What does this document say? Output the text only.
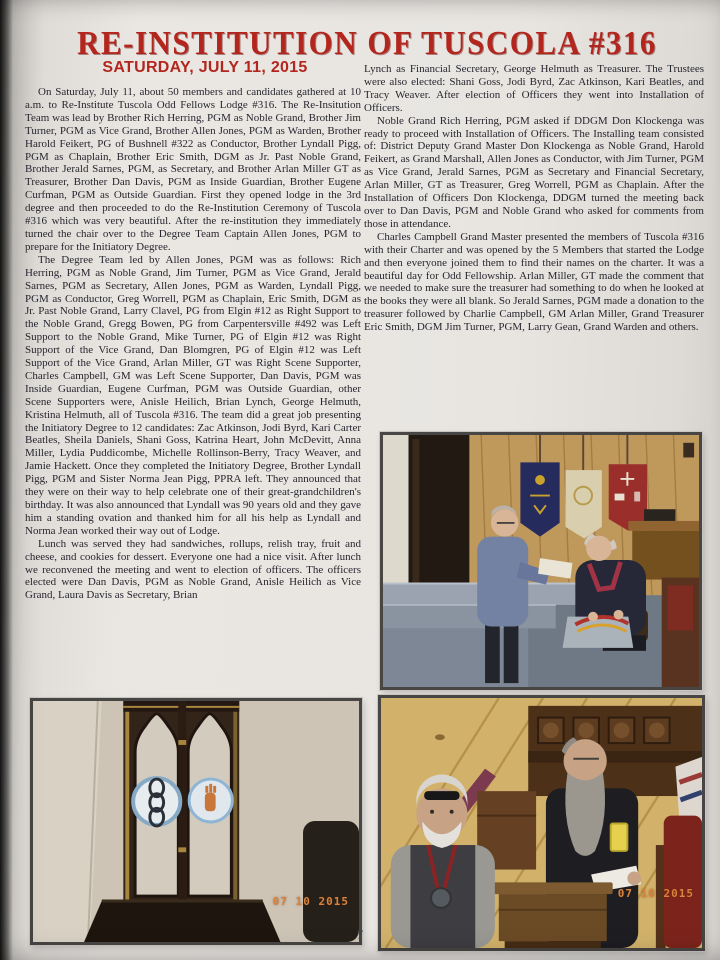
RE-INSTITUTION OF TUSCOLA #316
SATURDAY, JULY 11, 2015

On Saturday, July 11, about 50 members and candidates gathered at 10 a.m. to Re-Institute Tuscola Odd Fellows Lodge #316. The Re-Insitution Team was lead by Brother Rich Herring, PGM as Noble Grand, Brother Jim Turner, PGM as Vice Grand, Brother Allen Jones, PGM as Warden, Brother Harold Feikert, PG of Bushnell #322 as Conductor, Brother Lyndall Pigg, PGM as Chaplain, Brother Eric Smith, DGM as Jr. Past Noble Grand, Brother Jerald Sarnes, PGM, as Secretary, and Brother Arlan Miller GT as Treasurer, Brother Dan Davis, PGM as Inside Guardian, Brother Eugene Curfman, PGM as Outside Guardian. First they opened lodge in the 3rd degree and then proceeded to do the Re-Institution Ceremony of Tuscola #316 which was very beautiful. After the re-institution they immediately turned the chair over to the Degree Team Captain Allen Jones, PGM to prepare for the Initiatory Degree.

The Degree Team led by Allen Jones, PGM was as follows: Rich Herring, PGM as Noble Grand, Jim Turner, PGM as Vice Grand, Jerald Sarnes, PGM as Secretary, Allen Jones, PGM as Warden, Lyndall Pigg, PGM as Conductor, Greg Worrell, PGM as Chaplain, Eric Smith, DGM as Jr. Past Noble Grand, Larry Clavel, PG from Elgin #12 as Right Support to the Noble Grand, Gregg Bowen, PG from Carpentersville #492 was Left Support to the Noble Grand, Mike Turner, PG of Elgin #12 was Right Support of the Vice Grand, Dan Blomgren, PG of Elgin #12 was Left Support of the Vice Grand, Arlan Miller, GT was Right Scene Supporter, Charles Campbell, GM was Left Scene Supporter, Dan Davis, PGM was Inside Guardian, Eugene Curfman, PGM was Outside Guardian, other Scene Supporters were, Anisle Heilich, Brian Lynch, George Helmuth, Kristina Helmuth, all of Tuscola #316. The team did a great job presenting the Initiatory Degree to 12 candidates: Zac Atkinson, Jodi Byrd, Kari Carter Beatles, Sheila Daniels, Shani Goss, Katrina Heart, John McDevitt, Anna Miller, Lydia Puddicombe, Michelle Rollinson-Berry, Tracy Weaver, and Jamie Hackett. Once they completed the Initiatory Degree, Brother Lyndall Pigg, PGM and Sister Norma Jean Pigg, PPRA left. They announced that they were on their way to help celebrate one of their great-grandchildren's birthday. It was also announced that Lyndall was 90 years old and they gave him a standing ovation and thanked him for all his help as Lyndall and Norma Jean worked their way out of Lodge.

Lunch was served they had sandwiches, rollups, relish tray, fruit and cheese, and cookies for dessert. Everyone one had a nice visit. After lunch we reconvened the meeting and went to election of officers. The officers elected were Dan Davis, PGM as Noble Grand, Anisle Heilich as Vice Grand, Laura Davis as Secretary, Brian

Lynch as Financial Secretary, George Helmuth as Treasurer. The Trustees were also elected: Shani Goss, Jodi Byrd, Zac Atkinson, Kari Beatles, and Tracy Weaver. After election of Officers they went into Installation of Officers.

Noble Grand Rich Herring, PGM asked if DDGM Don Klockenga was ready to proceed with Installation of Officers. The Installing team consisted of: District Deputy Grand Master Don Klockenga as Noble Grand, Harold Feikert, as Grand Marshall, Allen Jones as Conductor, with Jim Turner, PGM as Vice Grand, Jerald Sarnes, PGM as Secretary and Financial Secretary, Arlan Miller, GT as Treasurer, Greg Worrell, PGM as Chaplain. After the Installation of Officers Don Klockenga, DDGM turned the meeting back over to Dan Davis, PGM and Noble Grand who asked for comments from those in attendance.

Charles Campbell Grand Master presented the members of Tuscola #316 with their Charter and was opened by the 5 Members that started the Lodge and then everyone joined them to find their names on the charter. It was a beautiful day for Odd Fellowship. Arlan Miller, GT made the comment that we needed to make sure the treasurer had something to do when he looked at the books they were all blank. So Jerald Sarnes, PGM made a donation to the treasurer followed by Charlie Campbell, GM Arlan Miller, Grand Treasurer Eric Smith, DGM Jim Turner, PGM, Larry Gean, Grand Warden and others.

07 10 2015
07 10 2015
7
